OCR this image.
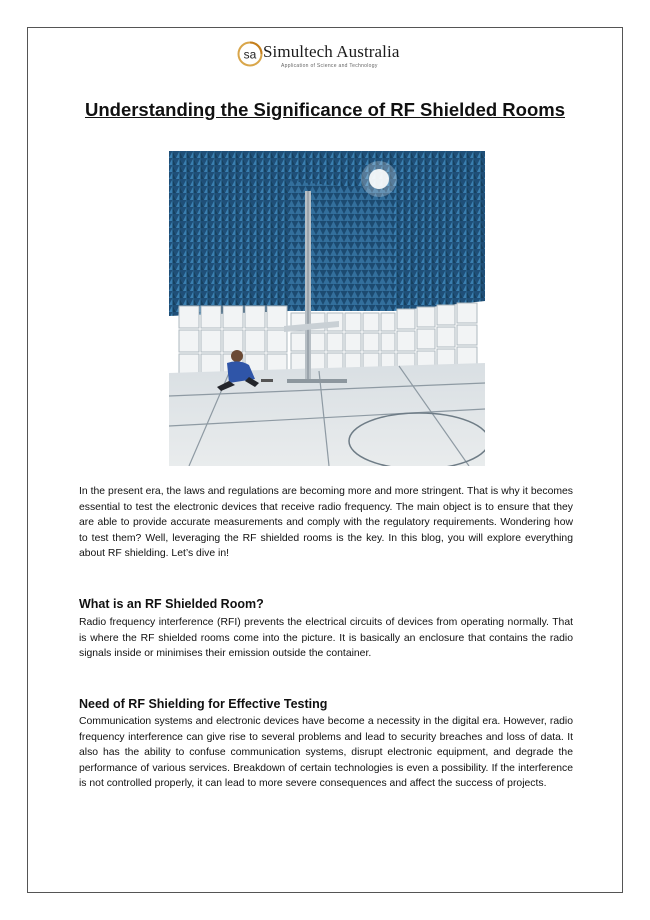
sa Simultech Australia
Application of Science and Technology
Understanding the Significance of RF Shielded Rooms
In the present era, the laws and regulations are becoming more and more stringent. That is why it becomes essential to test the electronic devices that receive radio frequency. The main object is to ensure that they are able to provide accurate measurements and comply with the regulatory requirements. Wondering how to test them? Well, leveraging the RF shielded rooms is the key. In this blog, you will explore everything about RF shielding. Let’s dive in!
What is an RF Shielded Room?
Radio frequency interference (RFI) prevents the electrical circuits of devices from operating normally. That is where the RF shielded rooms come into the picture. It is basically an enclosure that contains the radio signals inside or minimises their emission outside the container.
Need of RF Shielding for Effective Testing
Communication systems and electronic devices have become a necessity in the digital era. However, radio frequency interference can give rise to several problems and lead to security breaches and loss of data. It also has the ability to confuse communication systems, disrupt electronic equipment, and degrade the performance of various services. Breakdown of certain technologies is even a possibility. If the interference is not controlled properly, it can lead to more severe consequences and affect the success of projects.
